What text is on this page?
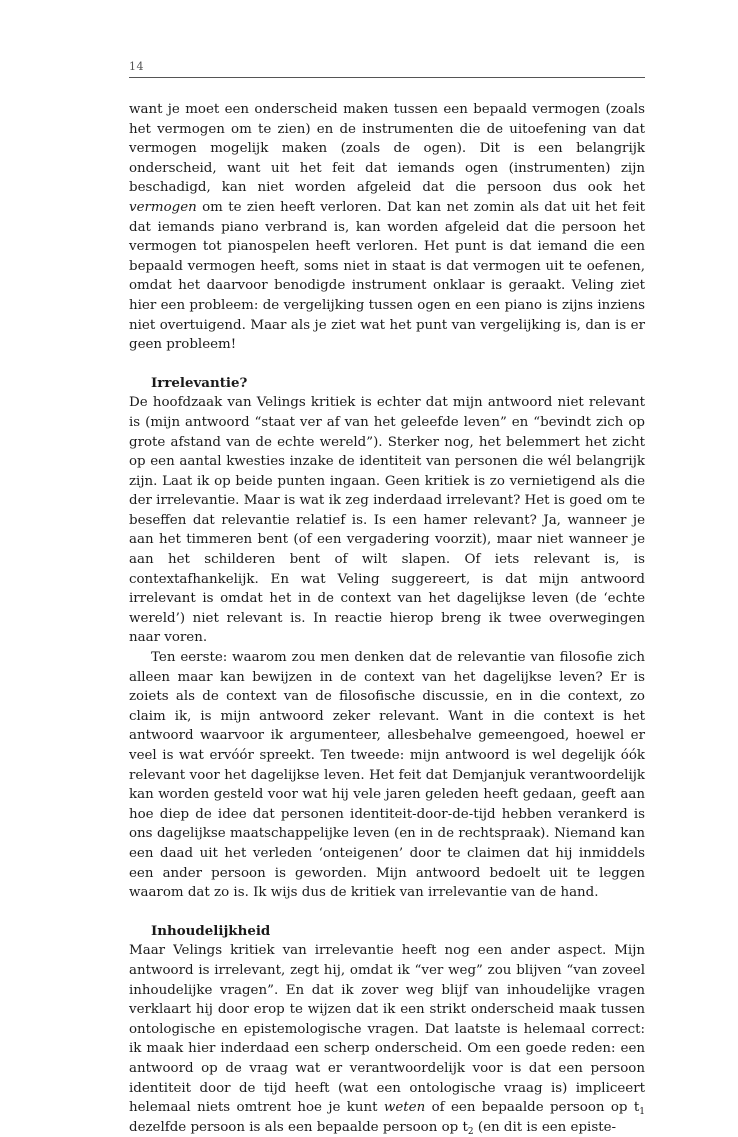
14

want je moet een onderscheid maken tussen een bepaald vermogen (zoals het vermogen om te zien) en de instrumenten die de uitoefening van dat vermogen mogelijk maken (zoals de ogen). Dit is een belangrijk onderscheid, want uit het feit dat iemands ogen (instrumenten) zijn beschadigd, kan niet worden afgeleid dat die persoon dus ook het vermogen om te zien heeft verloren. Dat kan net zomin als dat uit het feit dat iemands piano verbrand is, kan worden afgeleid dat die persoon het vermogen tot pianospelen heeft verloren. Het punt is dat iemand die een bepaald vermogen heeft, soms niet in staat is dat vermogen uit te oefenen, omdat het daarvoor benodigde instrument onklaar is geraakt. Veling ziet hier een probleem: de vergelijking tussen ogen en een piano is zijns inziens niet overtuigend. Maar als je ziet wat het punt van vergelijking is, dan is er geen probleem!

Irrelevantie?

De hoofdzaak van Velings kritiek is echter dat mijn antwoord niet relevant is (mijn antwoord “staat ver af van het geleefde leven” en “bevindt zich op grote afstand van de echte wereld”). Sterker nog, het belemmert het zicht op een aantal kwesties inzake de identiteit van personen die wél belangrijk zijn. Laat ik op beide punten ingaan. Geen kritiek is zo vernietigend als die der irrelevantie. Maar is wat ik zeg inderdaad irrelevant? Het is goed om te beseffen dat relevantie relatief is. Is een hamer relevant? Ja, wanneer je aan het timmeren bent (of een vergadering voorzit), maar niet wanneer je aan het schilderen bent of wilt slapen. Of iets relevant is, is contextafhankelijk. En wat Veling suggereert, is dat mijn antwoord irrelevant is omdat het in de context van het dagelijkse leven (de ‘echte wereld’) niet relevant is. In reactie hierop breng ik twee overwegingen naar voren.

Ten eerste: waarom zou men denken dat de relevantie van filosofie zich alleen maar kan bewijzen in de context van het dagelijkse leven? Er is zoiets als de context van de filosofische discussie, en in die context, zo claim ik, is mijn antwoord zeker relevant. Want in die context is het antwoord waarvoor ik argumenteer, allesbehalve gemeengoed, hoewel er veel is wat ervóór spreekt. Ten tweede: mijn antwoord is wel degelijk óók relevant voor het dagelijkse leven. Het feit dat Demjanjuk verantwoordelijk kan worden gesteld voor wat hij vele jaren geleden heeft gedaan, geeft aan hoe diep de idee dat personen identiteit-door-de-tijd hebben verankerd is ons dagelijkse maatschappelijke leven (en in de rechtspraak). Niemand kan een daad uit het verleden ‘onteigenen’ door te claimen dat hij inmiddels een ander persoon is geworden. Mijn antwoord bedoelt uit te leggen waarom dat zo is. Ik wijs dus de kritiek van irrelevantie van de hand.

Inhoudelijkheid

Maar Velings kritiek van irrelevantie heeft nog een ander aspect. Mijn antwoord is irrelevant, zegt hij, omdat ik “ver weg” zou blijven “van zoveel inhoudelijke vragen”. En dat ik zover weg blijf van inhoudelijke vragen verklaart hij door erop te wijzen dat ik een strikt onderscheid maak tussen ontologische en epistemologische vragen. Dat laatste is helemaal correct: ik maak hier inderdaad een scherp onderscheid. Om een goede reden: een antwoord op de vraag wat er verantwoordelijk voor is dat een persoon identiteit door de tijd heeft (wat een ontologische vraag is) impliceert helemaal niets omtrent hoe je kunt weten of een bepaalde persoon op $t_1$ dezelfde persoon is als een bepaalde persoon op $t_2$ (en dit is een episte-
